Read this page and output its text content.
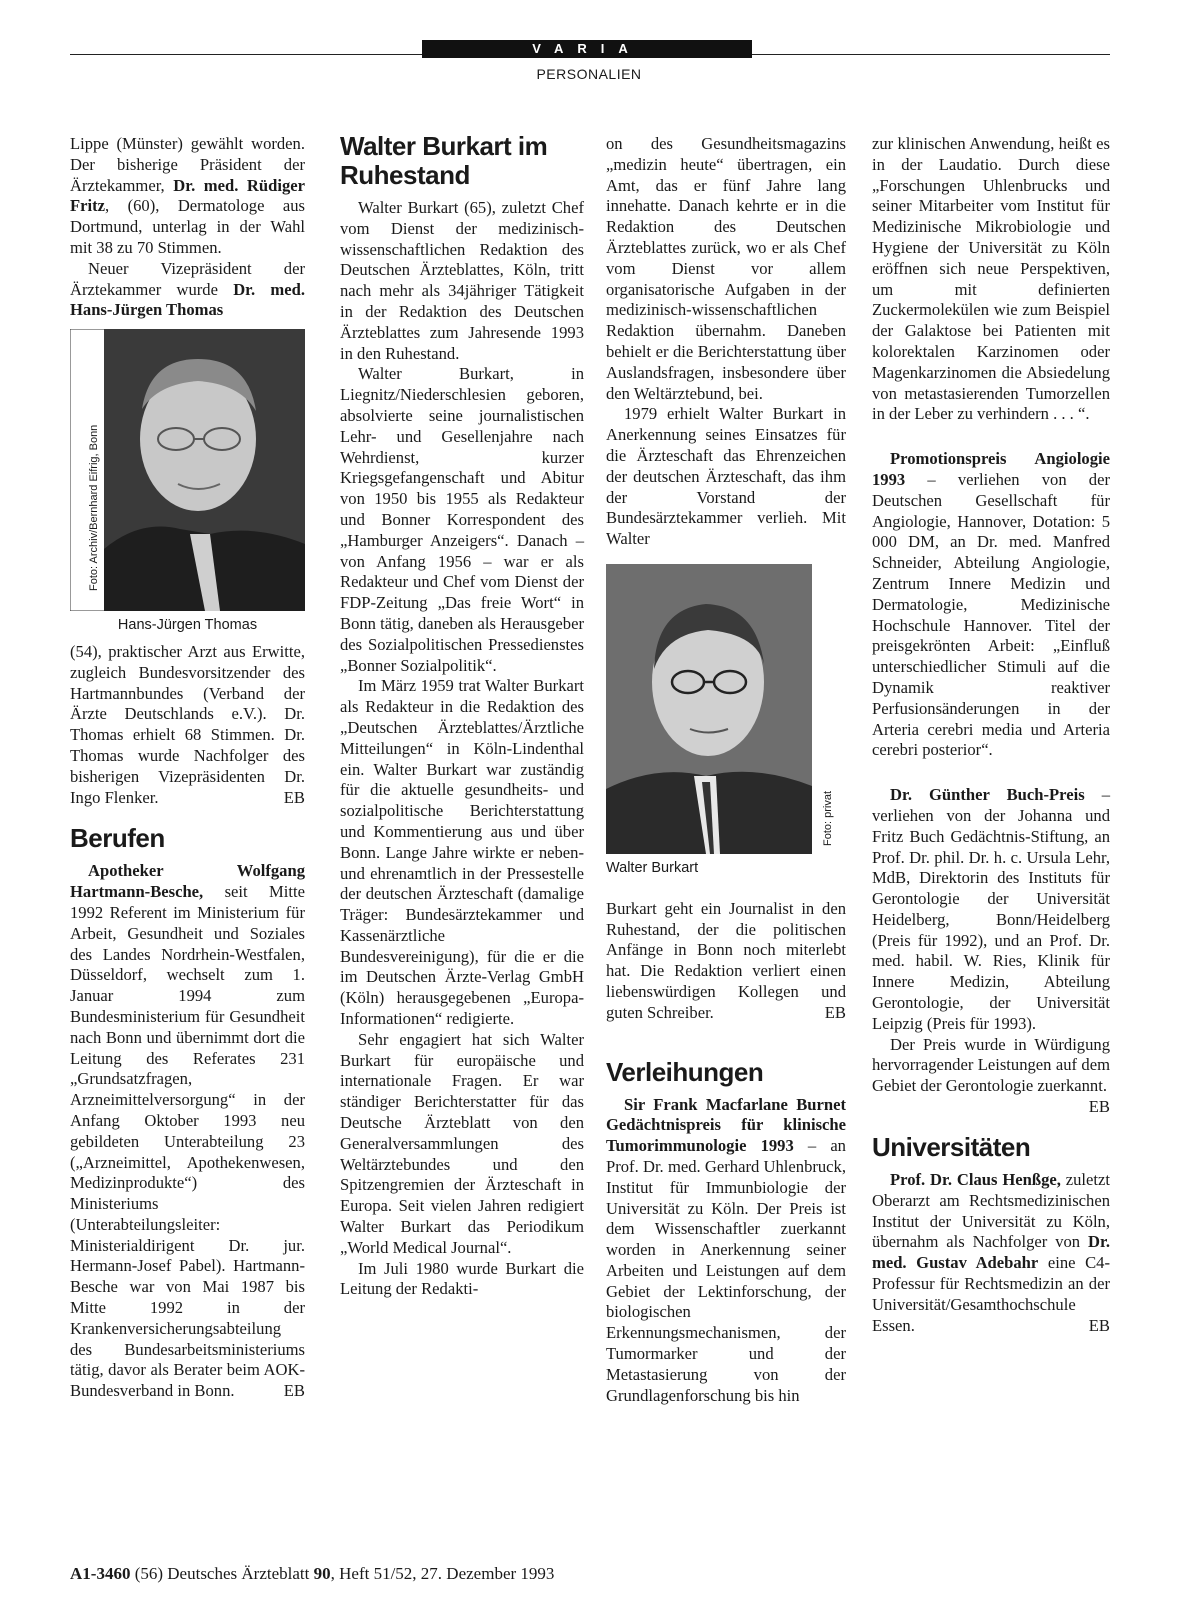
VARIA
PERSONALIEN

Lippe (Münster) gewählt worden. Der bisherige Präsident der Ärztekammer, Dr. med. Rüdiger Fritz, (60), Dermatologe aus Dortmund, unterlag in der Wahl mit 38 zu 70 Stimmen.

Neuer Vizepräsident der Ärztekammer wurde Dr. med. Hans-Jürgen Thomas

Foto: Archiv/Bernhard Eifrig, Bonn
Hans-Jürgen Thomas

(54), praktischer Arzt aus Erwitte, zugleich Bundesvorsitzender des Hartmannbundes (Verband der Ärzte Deutschlands e.V.). Dr. Thomas erhielt 68 Stimmen. Dr. Thomas wurde Nachfolger des bisherigen Vizepräsidenten Dr. Ingo Flenker.	EB

Berufen

Apotheker Wolfgang Hartmann-Besche, seit Mitte 1992 Referent im Ministerium für Arbeit, Gesundheit und Soziales des Landes Nordrhein-Westfalen, Düsseldorf, wechselt zum 1. Januar 1994 zum Bundesministerium für Gesundheit nach Bonn und übernimmt dort die Leitung des Referates 231 „Grundsatzfragen, Arzneimittelversorgung“ in der Anfang Oktober 1993 neu gebildeten Unterabteilung 23 („Arzneimittel, Apothekenwesen, Medizinprodukte“) des Ministeriums (Unterabteilungsleiter: Ministerialdirigent Dr. jur. Hermann-Josef Pabel). Hartmann-Besche war von Mai 1987 bis Mitte 1992 in der Krankenversicherungsabteilung des Bundesarbeitsministeriums tätig, davor als Berater beim AOK-Bundesverband in Bonn.	EB

Walter Burkart im Ruhestand

Walter Burkart (65), zuletzt Chef vom Dienst der medizinisch-wissenschaftlichen Redaktion des Deutschen Ärzteblattes, Köln, tritt nach mehr als 34jähriger Tätigkeit in der Redaktion des Deutschen Ärzteblattes zum Jahresende 1993 in den Ruhestand.

Walter Burkart, in Liegnitz/Niederschlesien geboren, absolvierte seine journalistischen Lehr- und Gesellenjahre nach Wehrdienst, kurzer Kriegsgefangenschaft und Abitur von 1950 bis 1955 als Redakteur und Bonner Korrespondent des „Hamburger Anzeigers“. Danach – von Anfang 1956 – war er als Redakteur und Chef vom Dienst der FDP-Zeitung „Das freie Wort“ in Bonn tätig, daneben als Herausgeber des Sozialpolitischen Pressedienstes „Bonner Sozialpolitik“.

Im März 1959 trat Walter Burkart als Redakteur in die Redaktion des „Deutschen Ärzteblattes/Ärztliche Mitteilungen“ in Köln-Lindenthal ein. Walter Burkart war zuständig für die aktuelle gesundheits- und sozialpolitische Berichterstattung und Kommentierung aus und über Bonn. Lange Jahre wirkte er neben- und ehrenamtlich in der Pressestelle der deutschen Ärzteschaft (damalige Träger: Bundesärztekammer und Kassenärztliche Bundesvereinigung), für die er die im Deutschen Ärzte-Verlag GmbH (Köln) herausgegebenen „Europa-Informationen“ redigierte.

Sehr engagiert hat sich Walter Burkart für europäische und internationale Fragen. Er war ständiger Berichterstatter für das Deutsche Ärzteblatt von den Generalversammlungen des Weltärztebundes und den Spitzengremien der Ärzteschaft in Europa. Seit vielen Jahren redigiert Walter Burkart das Periodikum „World Medical Journal“.

Im Juli 1980 wurde Burkart die Leitung der Redakti-

on des Gesundheitsmagazins „medizin heute“ übertragen, ein Amt, das er fünf Jahre lang innehatte. Danach kehrte er in die Redaktion des Deutschen Ärzteblattes zurück, wo er als Chef vom Dienst vor allem organisatorische Aufgaben in der medizinisch-wissenschaftlichen Redaktion übernahm. Daneben behielt er die Berichterstattung über Auslandsfragen, insbesondere über den Weltärztebund, bei.

1979 erhielt Walter Burkart in Anerkennung seines Einsatzes für die Ärzteschaft das Ehrenzeichen der deutschen Ärzteschaft, das ihm der Vorstand der Bundesärztekammer verlieh. Mit Walter

Foto: privat
Walter Burkart

Burkart geht ein Journalist in den Ruhestand, der die politischen Anfänge in Bonn noch miterlebt hat. Die Redaktion verliert einen liebenswürdigen Kollegen und guten Schreiber.	EB

Verleihungen

Sir Frank Macfarlane Burnet Gedächtnispreis für klinische Tumorimmunologie 1993 – an Prof. Dr. med. Gerhard Uhlenbruck, Institut für Immunbiologie der Universität zu Köln. Der Preis ist dem Wissenschaftler zuerkannt worden in Anerkennung seiner Arbeiten und Leistungen auf dem Gebiet der Lektinforschung, der biologischen Erkennungsmechanismen, der Tumormarker und der Metastasierung von der Grundlagenforschung bis hin

zur klinischen Anwendung, heißt es in der Laudatio. Durch diese „Forschungen Uhlenbrucks und seiner Mitarbeiter vom Institut für Medizinische Mikrobiologie und Hygiene der Universität zu Köln eröffnen sich neue Perspektiven, um mit definierten Zuckermolekülen wie zum Beispiel der Galaktose bei Patienten mit kolorektalen Karzinomen oder Magenkarzinomen die Absiedelung von metastasierenden Tumorzellen in der Leber zu verhindern . . . “.

Promotionspreis Angiologie 1993 – verliehen von der Deutschen Gesellschaft für Angiologie, Hannover, Dotation: 5 000 DM, an Dr. med. Manfred Schneider, Abteilung Angiologie, Zentrum Innere Medizin und Dermatologie, Medizinische Hochschule Hannover. Titel der preisgekrönten Arbeit: „Einfluß unterschiedlicher Stimuli auf die Dynamik reaktiver Perfusionsänderungen in der Arteria cerebri media und Arteria cerebri posterior“.

Dr. Günther Buch-Preis – verliehen von der Johanna und Fritz Buch Gedächtnis-Stiftung, an Prof. Dr. phil. Dr. h. c. Ursula Lehr, MdB, Direktorin des Instituts für Gerontologie der Universität Heidelberg, Bonn/Heidelberg (Preis für 1992), und an Prof. Dr. med. habil. W. Ries, Klinik für Innere Medizin, Abteilung Gerontologie, der Universität Leipzig (Preis für 1993).

Der Preis wurde in Würdigung hervorragender Leistungen auf dem Gebiet der Gerontologie zuerkannt.
EB

Universitäten

Prof. Dr. Claus Henßge, zuletzt Oberarzt am Rechtsmedizinischen Institut der Universität zu Köln, übernahm als Nachfolger von Dr. med. Gustav Adebahr eine C4-Professur für Rechtsmedizin an der Universität/Gesamthochschule Essen.	EB

A1-3460 (56) Deutsches Ärzteblatt 90, Heft 51/52, 27. Dezember 1993
